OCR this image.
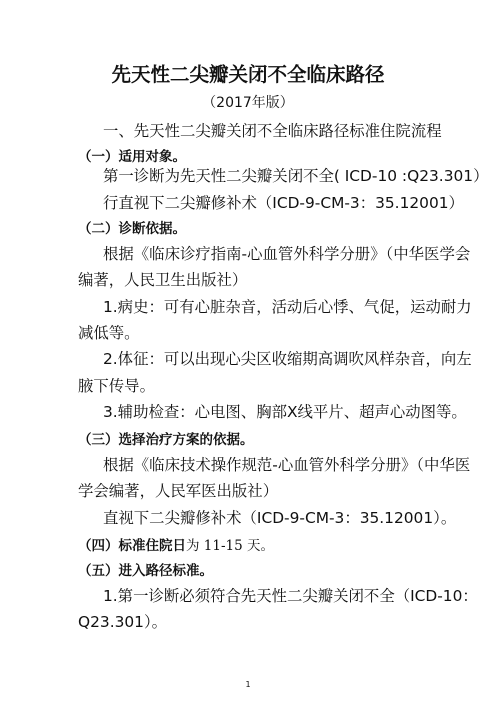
先天性二尖瓣关闭不全临床路径
（2017年版）
一、先天性二尖瓣关闭不全临床路径标准住院流程
（一）适用对象。
第一诊断为先天性二尖瓣关闭不全( ICD-10 :Q23.301）
行直视下二尖瓣修补术（ICD-9-CM-3：35.12001）
（二）诊断依据。
根据《临床诊疗指南-心血管外科学分册》（中华医学会
编著，人民卫生出版社）
1.病史：可有心脏杂音，活动后心悸、气促，运动耐力
减低等。
2.体征：可以出现心尖区收缩期高调吹风样杂音，向左
腋下传导。
3.辅助检查：心电图、胸部X线平片、超声心动图等。
（三）选择治疗方案的依据。
根据《临床技术操作规范-心血管外科学分册》（中华医
学会编著，人民军医出版社）
直视下二尖瓣修补术（ICD-9-CM-3：35.12001）。
（四）标准住院日为 11-15 天。
（五）进入路径标准。
1.第一诊断必须符合先天性二尖瓣关闭不全（ICD-10：
Q23.301）。
1
